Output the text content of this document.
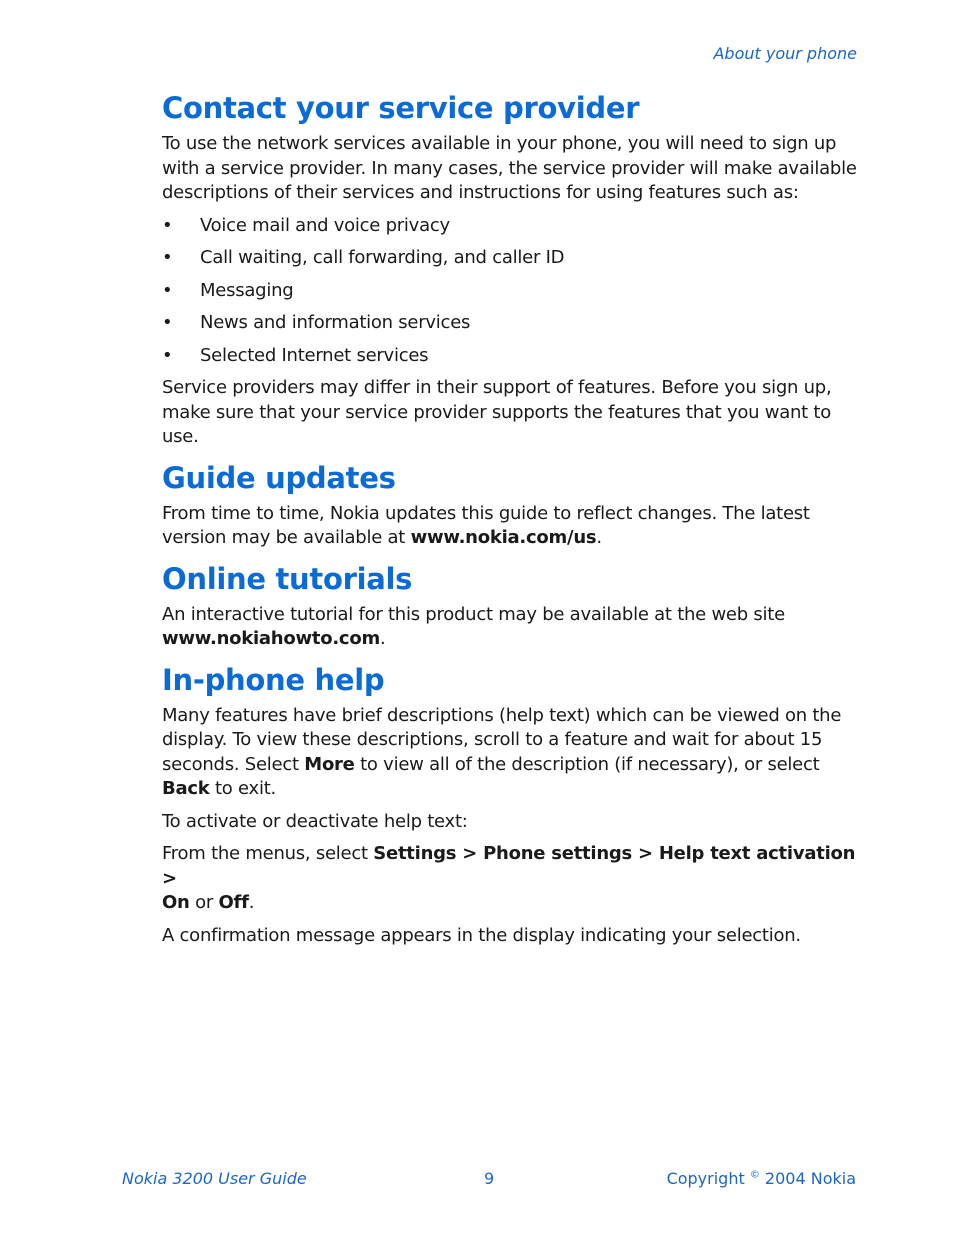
About your phone
Contact your service provider

To use the network services available in your phone, you will need to sign up with a service provider. In many cases, the service provider will make available descriptions of their services and instructions for using features such as:

• Voice mail and voice privacy
• Call waiting, call forwarding, and caller ID
• Messaging
• News and information services
• Selected Internet services

Service providers may differ in their support of features. Before you sign up, make sure that your service provider supports the features that you want to use.

Guide updates

From time to time, Nokia updates this guide to reflect changes. The latest version may be available at www.nokia.com/us.

Online tutorials

An interactive tutorial for this product may be available at the web site
www.nokiahowto.com.

In-phone help

Many features have brief descriptions (help text) which can be viewed on the display. To view these descriptions, scroll to a feature and wait for about 15 seconds. Select More to view all of the description (if necessary), or select Back to exit.

To activate or deactivate help text:

From the menus, select Settings > Phone settings > Help text activation >
On or Off.

A confirmation message appears in the display indicating your selection.

Nokia 3200 User Guide	9	Copyright © 2004 Nokia
